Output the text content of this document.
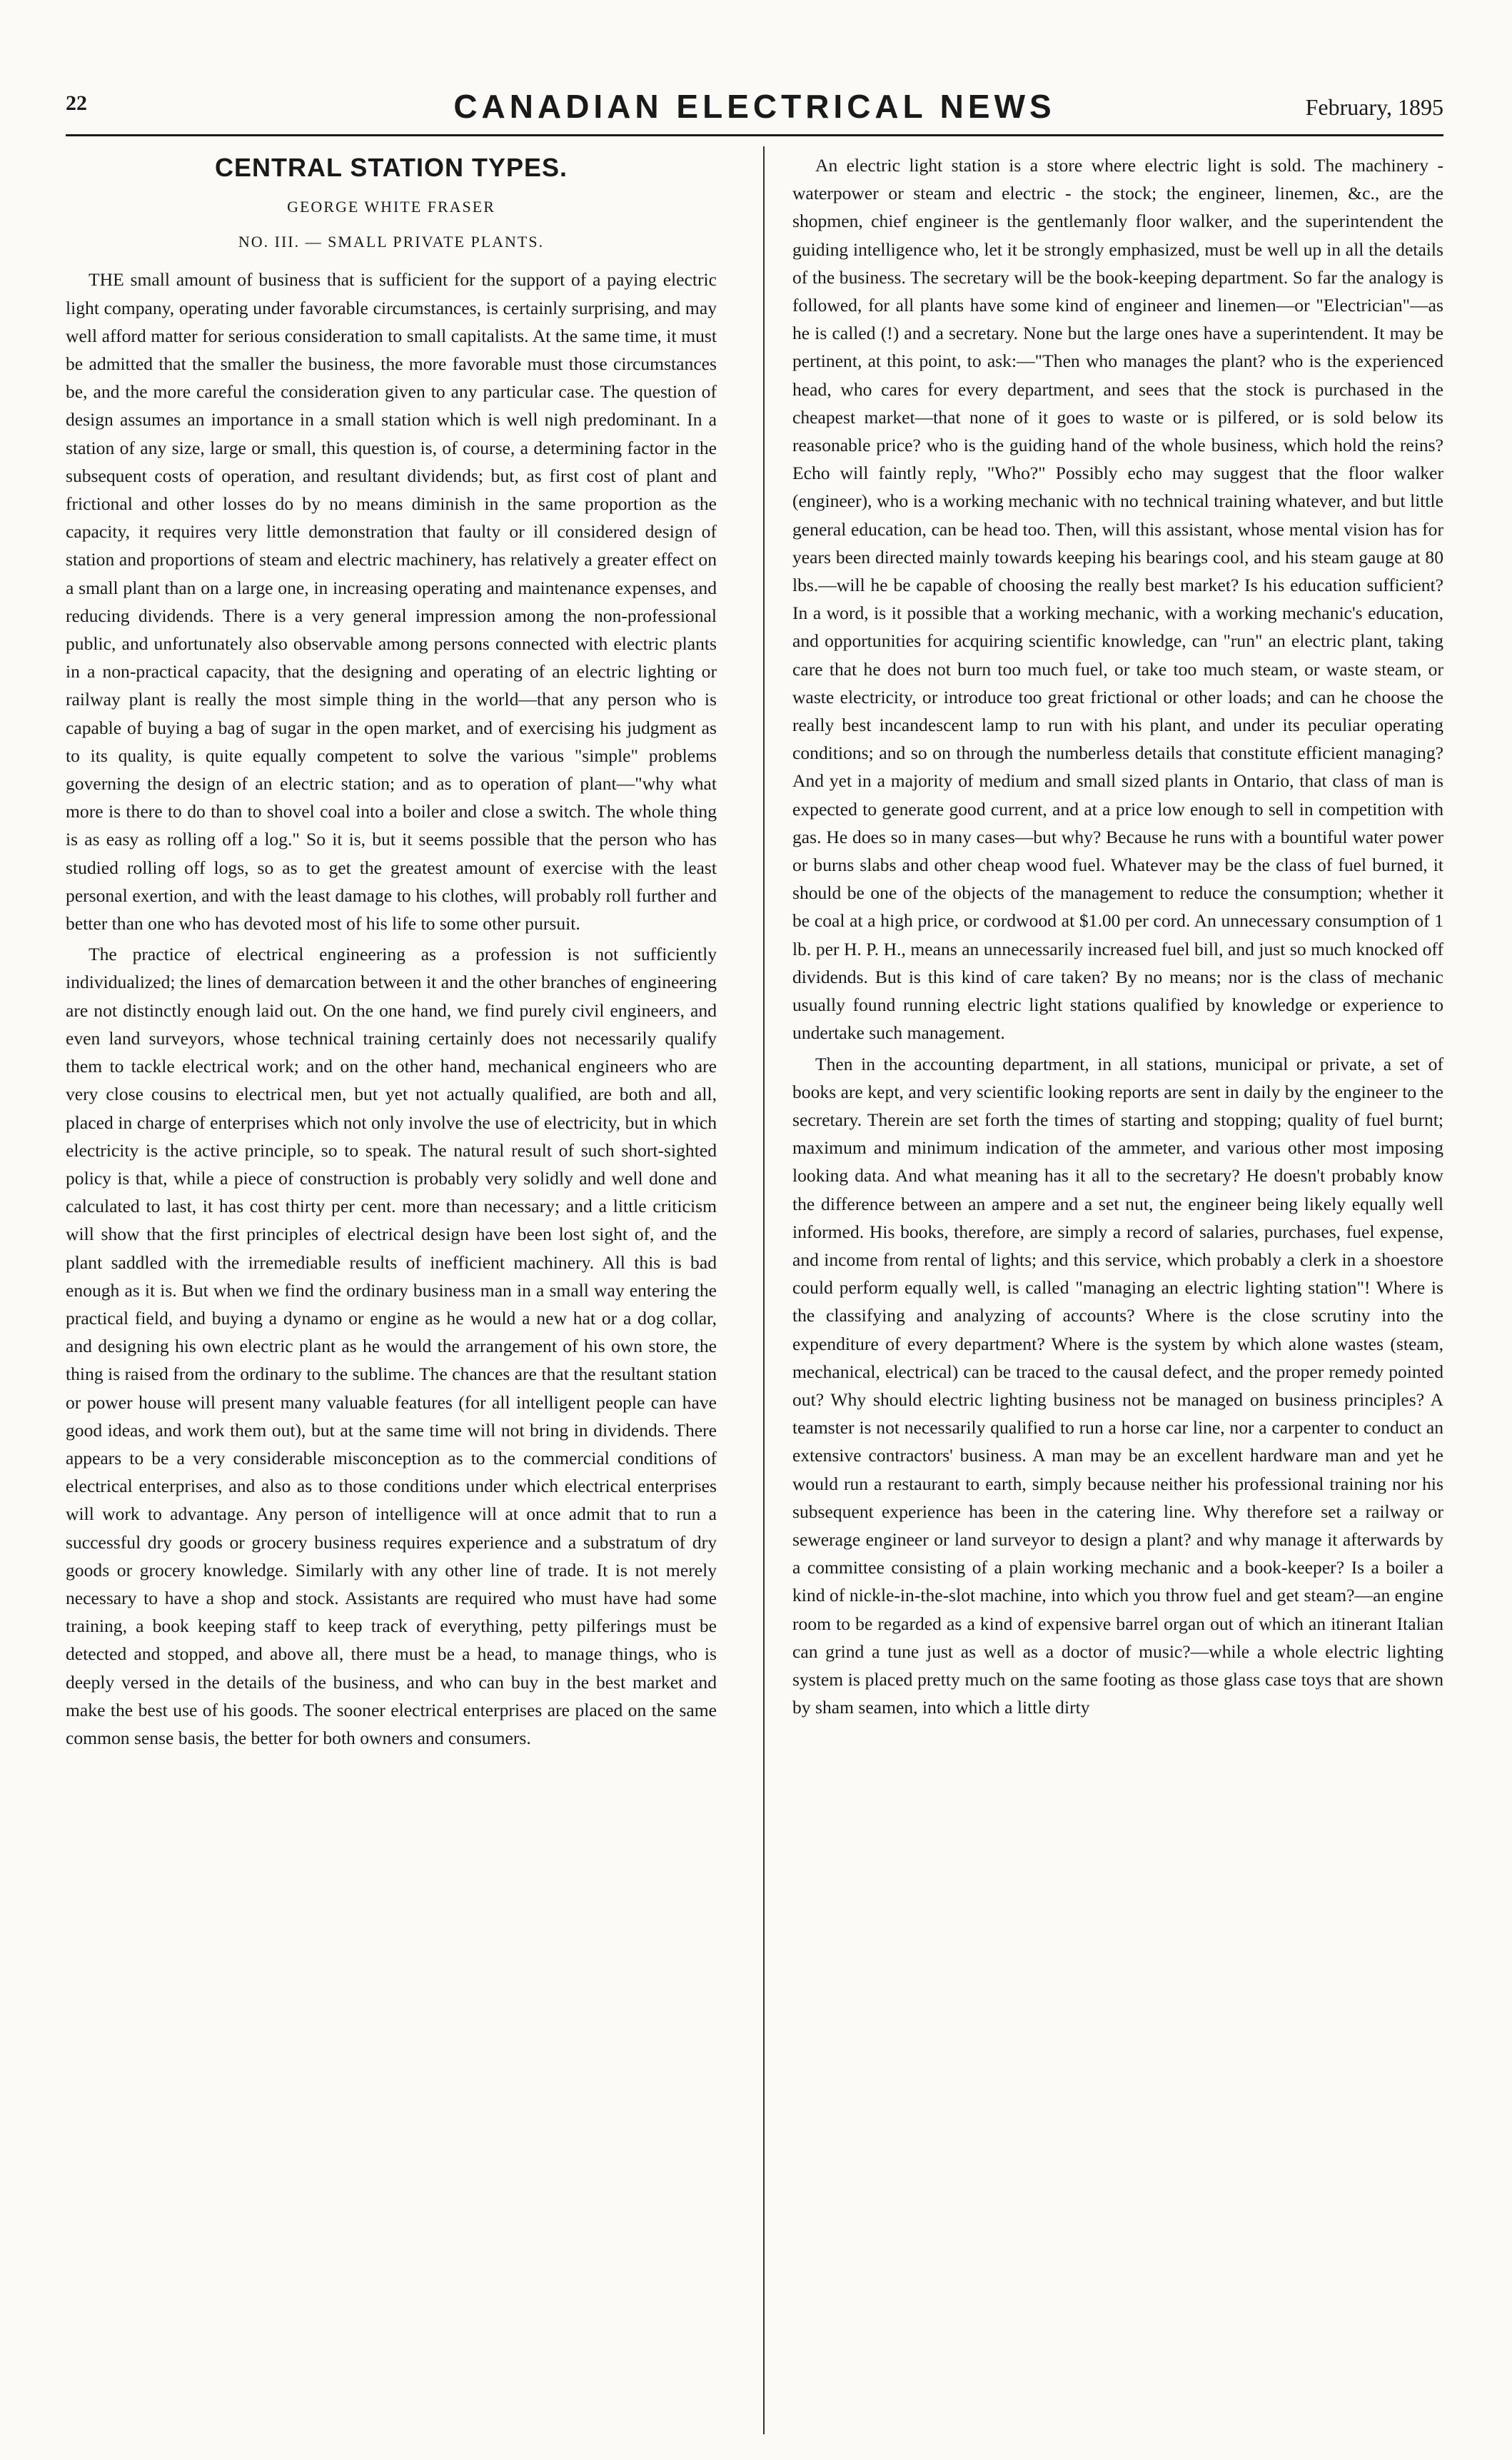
22	CANADIAN ELECTRICAL NEWS	February, 1895
CENTRAL STATION TYPES.
GEORGE WHITE FRASER
NO. III. — SMALL PRIVATE PLANTS.

THE small amount of business that is sufficient for the support of a paying electric light company, operating under favorable circumstances, is certainly surprising, and may well afford matter for serious consideration to small capitalists. At the same time, it must be admitted that the smaller the business, the more favorable must those circumstances be, and the more careful the consideration given to any particular case. The question of design assumes an importance in a small station which is well nigh predominant. In a station of any size, large or small, this question is, of course, a determining factor in the subsequent costs of operation, and resultant dividends; but, as first cost of plant and frictional and other losses do by no means diminish in the same proportion as the capacity, it requires very little demonstration that faulty or ill considered design of station and proportions of steam and electric machinery, has relatively a greater effect on a small plant than on a large one, in increasing operating and maintenance expenses, and reducing dividends. There is a very general impression among the non-professional public, and unfortunately also observable among persons connected with electric plants in a non-practical capacity, that the designing and operating of an electric lighting or railway plant is really the most simple thing in the world—that any person who is capable of buying a bag of sugar in the open market, and of exercising his judgment as to its quality, is quite equally competent to solve the various "simple" problems governing the design of an electric station; and as to operation of plant—"why what more is there to do than to shovel coal into a boiler and close a switch. The whole thing is as easy as rolling off a log." So it is, but it seems possible that the person who has studied rolling off logs, so as to get the greatest amount of exercise with the least personal exertion, and with the least damage to his clothes, will probably roll further and better than one who has devoted most of his life to some other pursuit.

The practice of electrical engineering as a profession is not sufficiently individualized; the lines of demarcation between it and the other branches of engineering are not distinctly enough laid out. On the one hand, we find purely civil engineers, and even land surveyors, whose technical training certainly does not necessarily qualify them to tackle electrical work; and on the other hand, mechanical engineers who are very close cousins to electrical men, but yet not actually qualified, are both and all, placed in charge of enterprises which not only involve the use of electricity, but in which electricity is the active principle, so to speak. The natural result of such short-sighted policy is that, while a piece of construction is probably very solidly and well done and calculated to last, it has cost thirty per cent. more than necessary; and a little criticism will show that the first principles of electrical design have been lost sight of, and the plant saddled with the irremediable results of inefficient machinery. All this is bad enough as it is. But when we find the ordinary business man in a small way entering the practical field, and buying a dynamo or engine as he would a new hat or a dog collar, and designing his own electric plant as he would the arrangement of his own store, the thing is raised from the ordinary to the sublime. The chances are that the resultant station or power house will present many valuable features (for all intelligent people can have good ideas, and work them out), but at the same time will not bring in dividends. There appears to be a very considerable misconception as to the commercial conditions of electrical enterprises, and also as to those conditions under which electrical enterprises will work to advantage. Any person of intelligence will at once admit that to run a successful dry goods or grocery business requires experience and a substratum of dry goods or grocery knowledge. Similarly with any other line of trade. It is not merely necessary to have a shop and stock. Assistants are required who must have had some training, a book keeping staff to keep track of everything, petty pilferings must be detected and stopped, and above all, there must be a head, to manage things, who is deeply versed in the details of the business, and who can buy in the best market and make the best use of his goods. The sooner electrical enterprises are placed on the same common sense basis, the better for both owners and consumers.

An electric light station is a store where electric light is sold. The machinery - waterpower or steam and electric - the stock; the engineer, linemen, &c., are the shopmen, chief engineer is the gentlemanly floor walker, and the superintendent the guiding intelligence who, let it be strongly emphasized, must be well up in all the details of the business. The secretary will be the book-keeping department. So far the analogy is followed, for all plants have some kind of engineer and linemen—or "Electrician"—as he is called (!) and a secretary. None but the large ones have a superintendent. It may be pertinent, at this point, to ask:—"Then who manages the plant? who is the experienced head, who cares for every department, and sees that the stock is purchased in the cheapest market—that none of it goes to waste or is pilfered, or is sold below its reasonable price? who is the guiding hand of the whole business, which hold the reins? Echo will faintly reply, "Who?" Possibly echo may suggest that the floor walker (engineer), who is a working mechanic with no technical training whatever, and but little general education, can be head too. Then, will this assistant, whose mental vision has for years been directed mainly towards keeping his bearings cool, and his steam gauge at 80 lbs.—will he be capable of choosing the really best market? Is his education sufficient? In a word, is it possible that a working mechanic, with a working mechanic's education, and opportunities for acquiring scientific knowledge, can "run" an electric plant, taking care that he does not burn too much fuel, or take too much steam, or waste steam, or waste electricity, or introduce too great frictional or other loads; and can he choose the really best incandescent lamp to run with his plant, and under its peculiar operating conditions; and so on through the numberless details that constitute efficient managing? And yet in a majority of medium and small sized plants in Ontario, that class of man is expected to generate good current, and at a price low enough to sell in competition with gas. He does so in many cases—but why? Because he runs with a bountiful water power or burns slabs and other cheap wood fuel. Whatever may be the class of fuel burned, it should be one of the objects of the management to reduce the consumption; whether it be coal at a high price, or cordwood at $1.00 per cord. An unnecessary consumption of 1 lb. per H. P. H., means an unnecessarily increased fuel bill, and just so much knocked off dividends. But is this kind of care taken? By no means; nor is the class of mechanic usually found running electric light stations qualified by knowledge or experience to undertake such management.

Then in the accounting department, in all stations, municipal or private, a set of books are kept, and very scientific looking reports are sent in daily by the engineer to the secretary. Therein are set forth the times of starting and stopping; quality of fuel burnt; maximum and minimum indication of the ammeter, and various other most imposing looking data. And what meaning has it all to the secretary? He doesn't probably know the difference between an ampere and a set nut, the engineer being likely equally well informed. His books, therefore, are simply a record of salaries, purchases, fuel expense, and income from rental of lights; and this service, which probably a clerk in a shoestore could perform equally well, is called "managing an electric lighting station"! Where is the classifying and analyzing of accounts? Where is the close scrutiny into the expenditure of every department? Where is the system by which alone wastes (steam, mechanical, electrical) can be traced to the causal defect, and the proper remedy pointed out? Why should electric lighting business not be managed on business principles? A teamster is not necessarily qualified to run a horse car line, nor a carpenter to conduct an extensive contractors' business. A man may be an excellent hardware man and yet he would run a restaurant to earth, simply because neither his professional training nor his subsequent experience has been in the catering line. Why therefore set a railway or sewerage engineer or land surveyor to design a plant? and why manage it afterwards by a committee consisting of a plain working mechanic and a book-keeper? Is a boiler a kind of nickle-in-the-slot machine, into which you throw fuel and get steam?—an engine room to be regarded as a kind of expensive barrel organ out of which an itinerant Italian can grind a tune just as well as a doctor of music?—while a whole electric lighting system is placed pretty much on the same footing as those glass case toys that are shown by sham seamen, into which a little dirty
